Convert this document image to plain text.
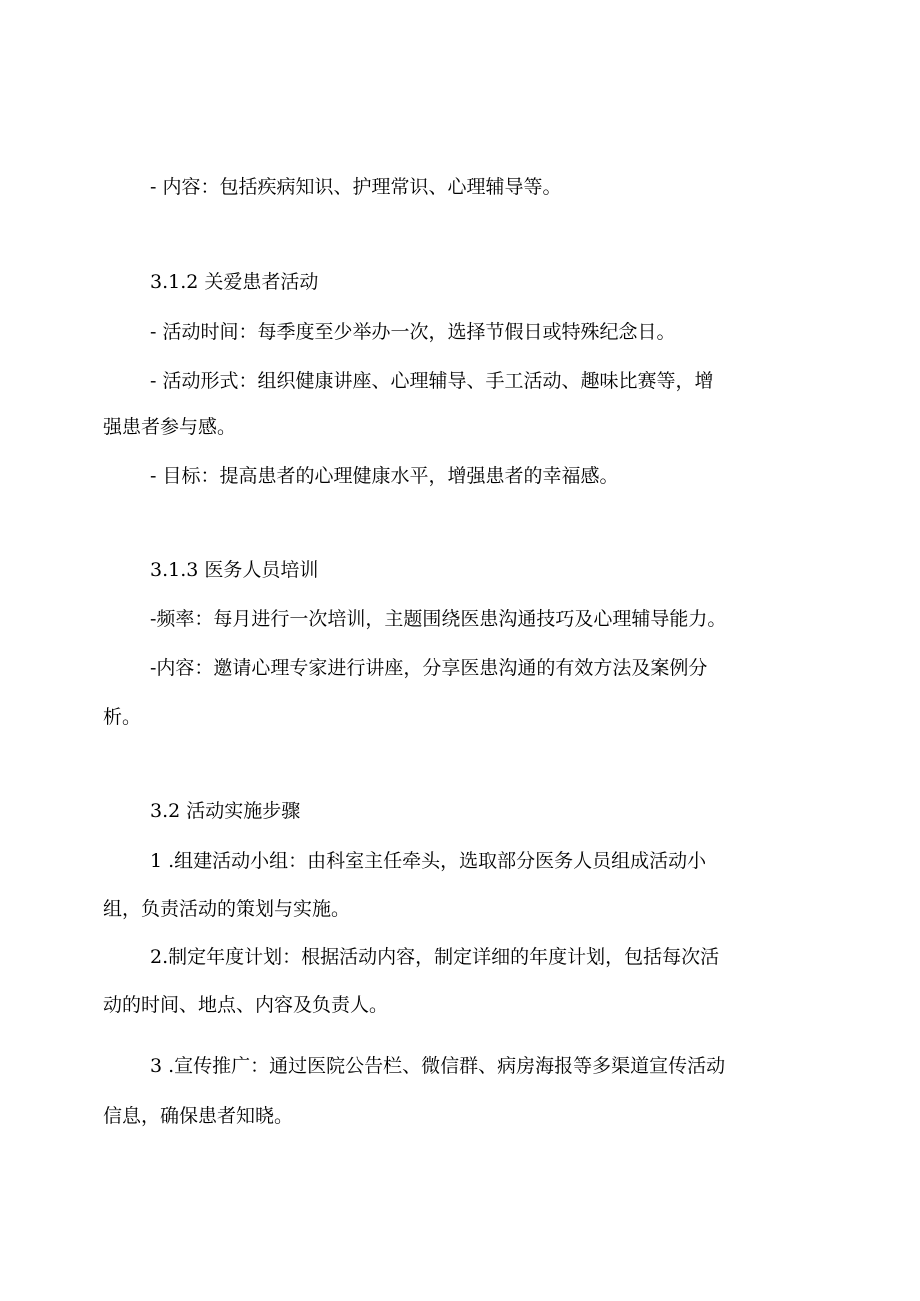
- 内容：包括疾病知识、护理常识、心理辅导等。
3.1.2 关爱患者活动
- 活动时间：每季度至少举办一次，选择节假日或特殊纪念日。
- 活动形式：组织健康讲座、心理辅导、手工活动、趣味比赛等，增
强患者参与感。
- 目标：提高患者的心理健康水平，增强患者的幸福感。
3.1.3 医务人员培训
-频率：每月进行一次培训，主题围绕医患沟通技巧及心理辅导能力。
-内容：邀请心理专家进行讲座，分享医患沟通的有效方法及案例分
析。
3.2 活动实施步骤
1 .组建活动小组：由科室主任牵头，选取部分医务人员组成活动小
组，负责活动的策划与实施。
2.制定年度计划：根据活动内容，制定详细的年度计划，包括每次活
动的时间、地点、内容及负责人。
3 .宣传推广：通过医院公告栏、微信群、病房海报等多渠道宣传活动
信息，确保患者知晓。
